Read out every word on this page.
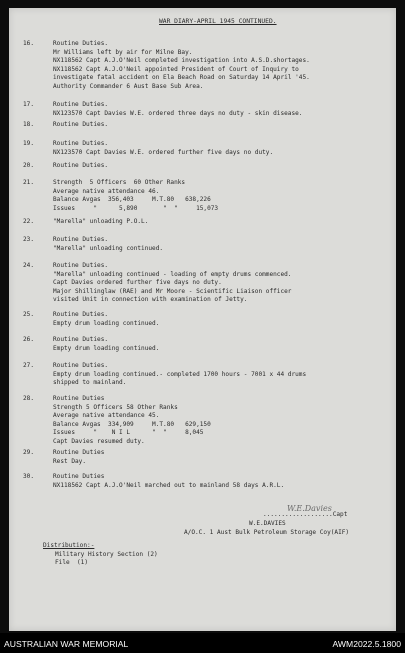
WAR DIARY-APRIL 1945 CONTINUED.
16.	Routine Duties.
Mr Williams left by air for Milne Bay.
NX118562 Capt A.J.O'Neil completed investigation into A.S.D.shortages.
NX118562 Capt A.J.O'Neil appointed President of Court of Inquiry to
investigate fatal accident on Ela Beach Road on Saturday 14 April '45.
Authority Commander 6 Aust Base Sub Area.
17.	Routine Duties.
NX123570 Capt Davies W.E. ordered three days no duty - skin disease.
18.	Routine Duties.
19.	Routine Duties.
NX123570 Capt Davies W.E. ordered further five days no duty.
20.	Routine Duties.
21.	Strength  5 Officers  60 Other Ranks
Average native attendance 46.
Balance Avgas  356,403     M.T.80   638,226
Issues     "      5,890       "  "     15,073
22.	"Marella" unloading P.O.L.
23.	Routine Duties.
"Marella" unloading continued.
24.	Routine Duties.
"Marella" unloading continued - loading of empty drums commenced.
Capt Davies ordered further five days no duty.
Major Shillinglaw (RAE) and Mr Moore - Scientific Liaison officer
visited Unit in connection with examination of Jetty.
25.	Routine Duties.
Empty drum loading continued.
26.	Routine Duties.
Empty drum loading continued.
27.	Routine Duties.
Empty drum loading continued.- completed 1700 hours - 7001 x 44 drums
shipped to mainland.
28.	Routine Duties
Strength 5 Officers 58 Other Ranks
Average native attendance 45.
Balance Avgas  334,909     M.T.80   629,150
Issues     "    N I L      "  "     8,045
Capt Davies resumed duty.
29.	Routine Duties
Rest Day.
30.	Routine Duties
NX118562 Capt A.J.O'Neil marched out to mainland 58 days A.R.L.
W.E.Davies
...................Capt
W.E.DAVIES
A/O.C. 1 Aust Bulk Petroleum Storage Coy(AIF)
Distribution:-
Military History Section (2)
File  (1)
AUSTRALIAN WAR MEMORIAL	AWM2022.5.1800
